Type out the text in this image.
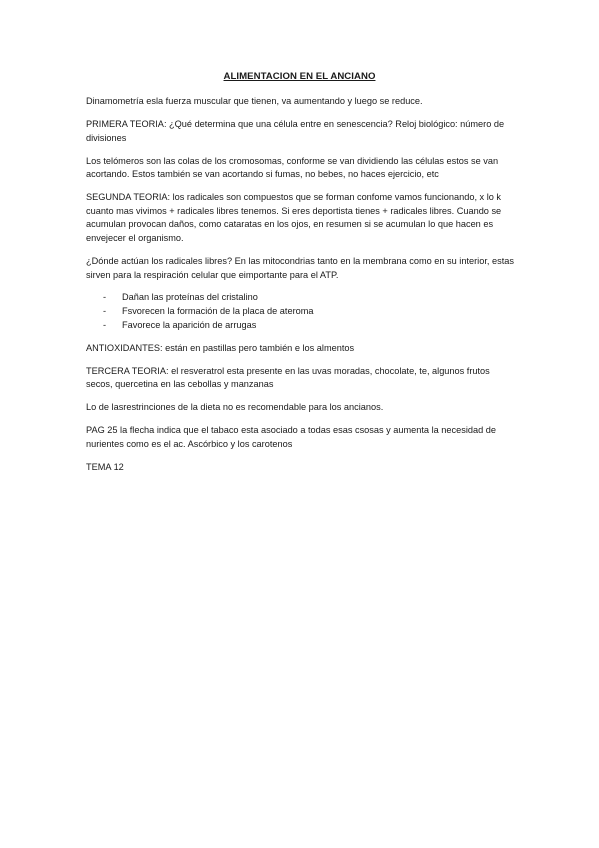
ALIMENTACION EN EL ANCIANO

Dinamometría esla fuerza muscular que tienen, va aumentando y luego se reduce.

PRIMERA TEORIA: ¿Qué determina que una célula entre en senescencia? Reloj biológico: número de divisiones

Los telómeros son las colas de los cromosomas, conforme se van dividiendo las células estos se van acortando. Estos también se van acortando si fumas, no bebes, no haces ejercicio, etc

SEGUNDA TEORIA: los radicales son compuestos que se forman confome vamos funcionando, x lo k cuanto mas vivimos + radicales libres tenemos. Si eres deportista tienes + radicales libres. Cuando se acumulan provocan daños, como cataratas en los ojos, en resumen si se acumulan lo que hacen es envejecer el organismo.

¿Dónde actúan los radicales libres? En las mitocondrias tanto en la membrana como en su interior, estas sirven para la respiración celular que eimportante para el ATP.

- Dañan las proteínas del cristalino
- Fsvorecen la formación de la placa de ateroma
- Favorece la aparición de arrugas

ANTIOXIDANTES: están en pastillas pero también e los almentos

TERCERA TEORIA: el resveratrol esta presente en las uvas moradas, chocolate, te, algunos frutos secos, quercetina en las cebollas y manzanas

Lo de lasrestrinciones de la dieta no es recomendable para los ancianos.

PAG 25 la flecha indica que el tabaco esta asociado a todas esas csosas y aumenta la necesidad de nurientes como es el ac. Ascórbico y los carotenos

TEMA 12
